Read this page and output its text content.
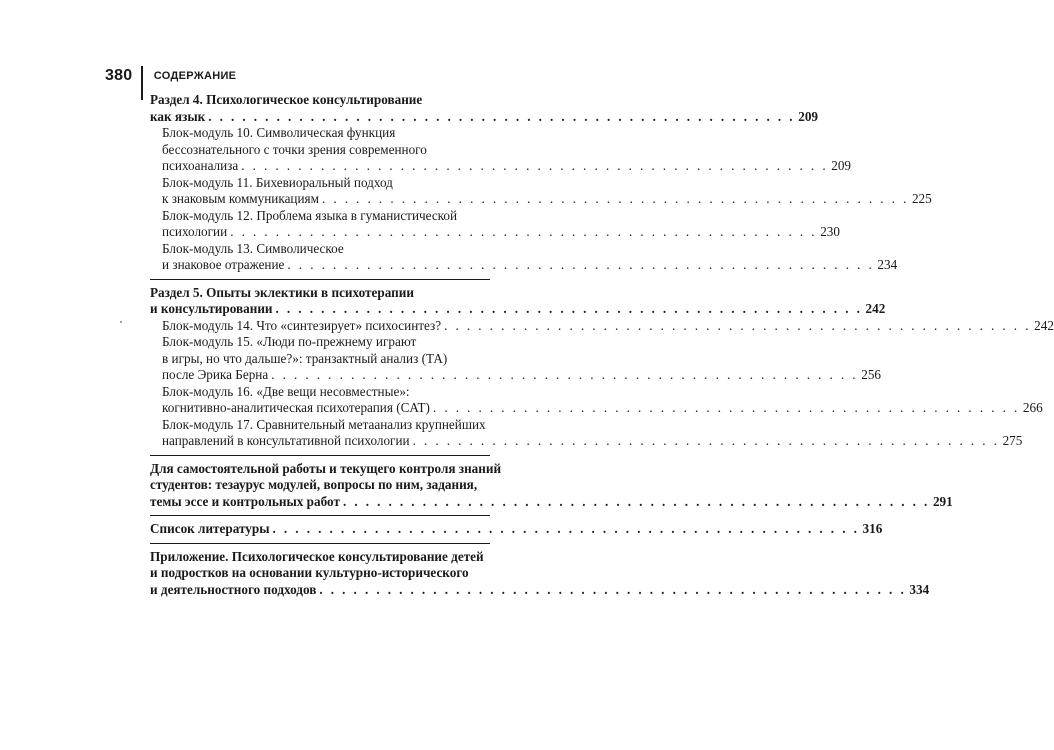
380 СОДЕРЖАНИЕ
Раздел 4. Психологическое консультирование
как язык . . . . . . . . . . . . . . . . . . . . . . . . . . . . . . . . . . . . . . . . . . . . . . . . . . . . 209
Блок-модуль 10. Символическая функция
бессознательного с точки зрения современного
психоанализа . . . . . . . . . . . . . . . . . . . . . . . . . . . . . . . . . . . . . . . . . . . . . . . . . . . . 209
Блок-модуль 11. Бихевиоральный подход
к знаковым коммуникациям . . . . . . . . . . . . . . . . . . . . . . . . . . . . . . . . . . . . . . . . . . . . . . . . . . . . 225
Блок-модуль 12. Проблема языка в гуманистической
психологии . . . . . . . . . . . . . . . . . . . . . . . . . . . . . . . . . . . . . . . . . . . . . . . . . . . . 230
Блок-модуль 13. Символическое
и знаковое отражение . . . . . . . . . . . . . . . . . . . . . . . . . . . . . . . . . . . . . . . . . . . . . . . . . . . . 234
Раздел 5. Опыты эклектики в психотерапии
и консультировании . . . . . . . . . . . . . . . . . . . . . . . . . . . . . . . . . . . . . . . . . . . . . . . . . . . . 242
Блок-модуль 14. Что «синтезирует» психосинтез? . . . . . . . . . . . . . . . . . . . . . . . . . . . . . . . . . . . . . . . . . . . . . . . . . . . . 242
Блок-модуль 15. «Люди по-прежнему играют
в игры, но что дальше?»: транзактный анализ (ТА)
после Эрика Берна . . . . . . . . . . . . . . . . . . . . . . . . . . . . . . . . . . . . . . . . . . . . . . . . . . . . 256
Блок-модуль 16. «Две вещи несовместные»:
когнитивно-аналитическая психотерапия (CAT) . . . . . . . . . . . . . . . . . . . . . . . . . . . . . . . . . . . . . . . . . . . . . . . . . . . . 266
Блок-модуль 17. Сравнительный метаанализ крупнейших
направлений в консультативной психологии . . . . . . . . . . . . . . . . . . . . . . . . . . . . . . . . . . . . . . . . . . . . . . . . . . . . 275
Для самостоятельной работы и текущего контроля знаний
студентов: тезаурус модулей, вопросы по ним, задания,
темы эссе и контрольных работ . . . . . . . . . . . . . . . . . . . . . . . . . . . . . . . . . . . . . . . . . . . . . . . . . . . . 291
Список литературы . . . . . . . . . . . . . . . . . . . . . . . . . . . . . . . . . . . . . . . . . . . . . . . . . . . . 316
Приложение. Психологическое консультирование детей
и подростков на основании культурно-исторического
и деятельностного подходов . . . . . . . . . . . . . . . . . . . . . . . . . . . . . . . . . . . . . . . . . . . . . . . . . . . . 334
